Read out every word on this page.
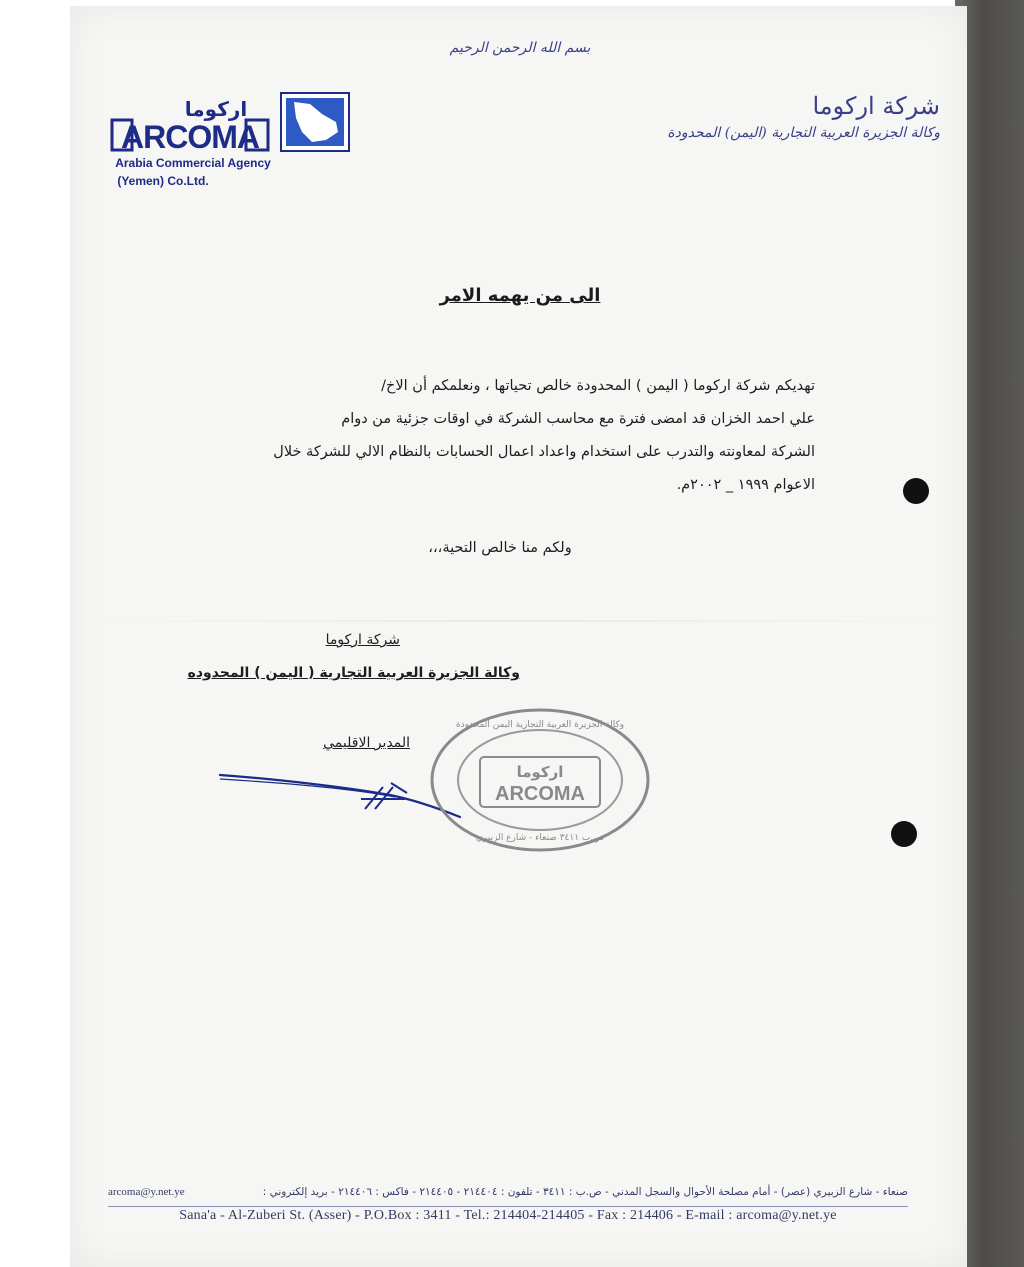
بسم الله الرحمن الرحيم
اركوما
ARCOMA
Arabia Commercial Agency
(Yemen) Co.Ltd.
شركة اركوما
وكالة الجزيرة العربية التجارية (اليمن) المحدودة
الى من يهمه الامر

تهديكم شركة اركوما ( اليمن ) المحدودة خالص تحياتها ، ونعلمكم أن الاخ/

علي احمد الخزان قد امضى فترة مع محاسب الشركة في اوقات جزئية من دوام

الشركة لمعاونته والتدرب على استخدام واعداد اعمال الحسابات بالنظام الالي للشركة خلال

الاعوام ١٩٩٩ _ ٢٠٠٢م.

ولكم منا خالص التحية،،،
شركة اركوما
وكالة الجزيرة العربية التجارية ( اليمن ) المحدوده
المدير الاقليمي
وكالة الجزيرة العربية التجارية اليمن المحدودة
اركوما
ARCOMA
ص.ب ٣٤١١ صنعاء - شارع الزبيري
صنعاء - شارع الزبيري (عصر) - أمام مصلحة الأحوال والسجل المدني - ص.ب : ٣٤١١ - تلفون : ٢١٤٤٠٤ - ٢١٤٤٠٥ - فاكس : ٢١٤٤٠٦ - بريد إلكتروني :
arcoma@y.net.ye
Sana'a - Al-Zuberi St. (Asser) - P.O.Box : 3411 - Tel.: 214404-214405 - Fax : 214406 - E-mail : arcoma@y.net.ye
